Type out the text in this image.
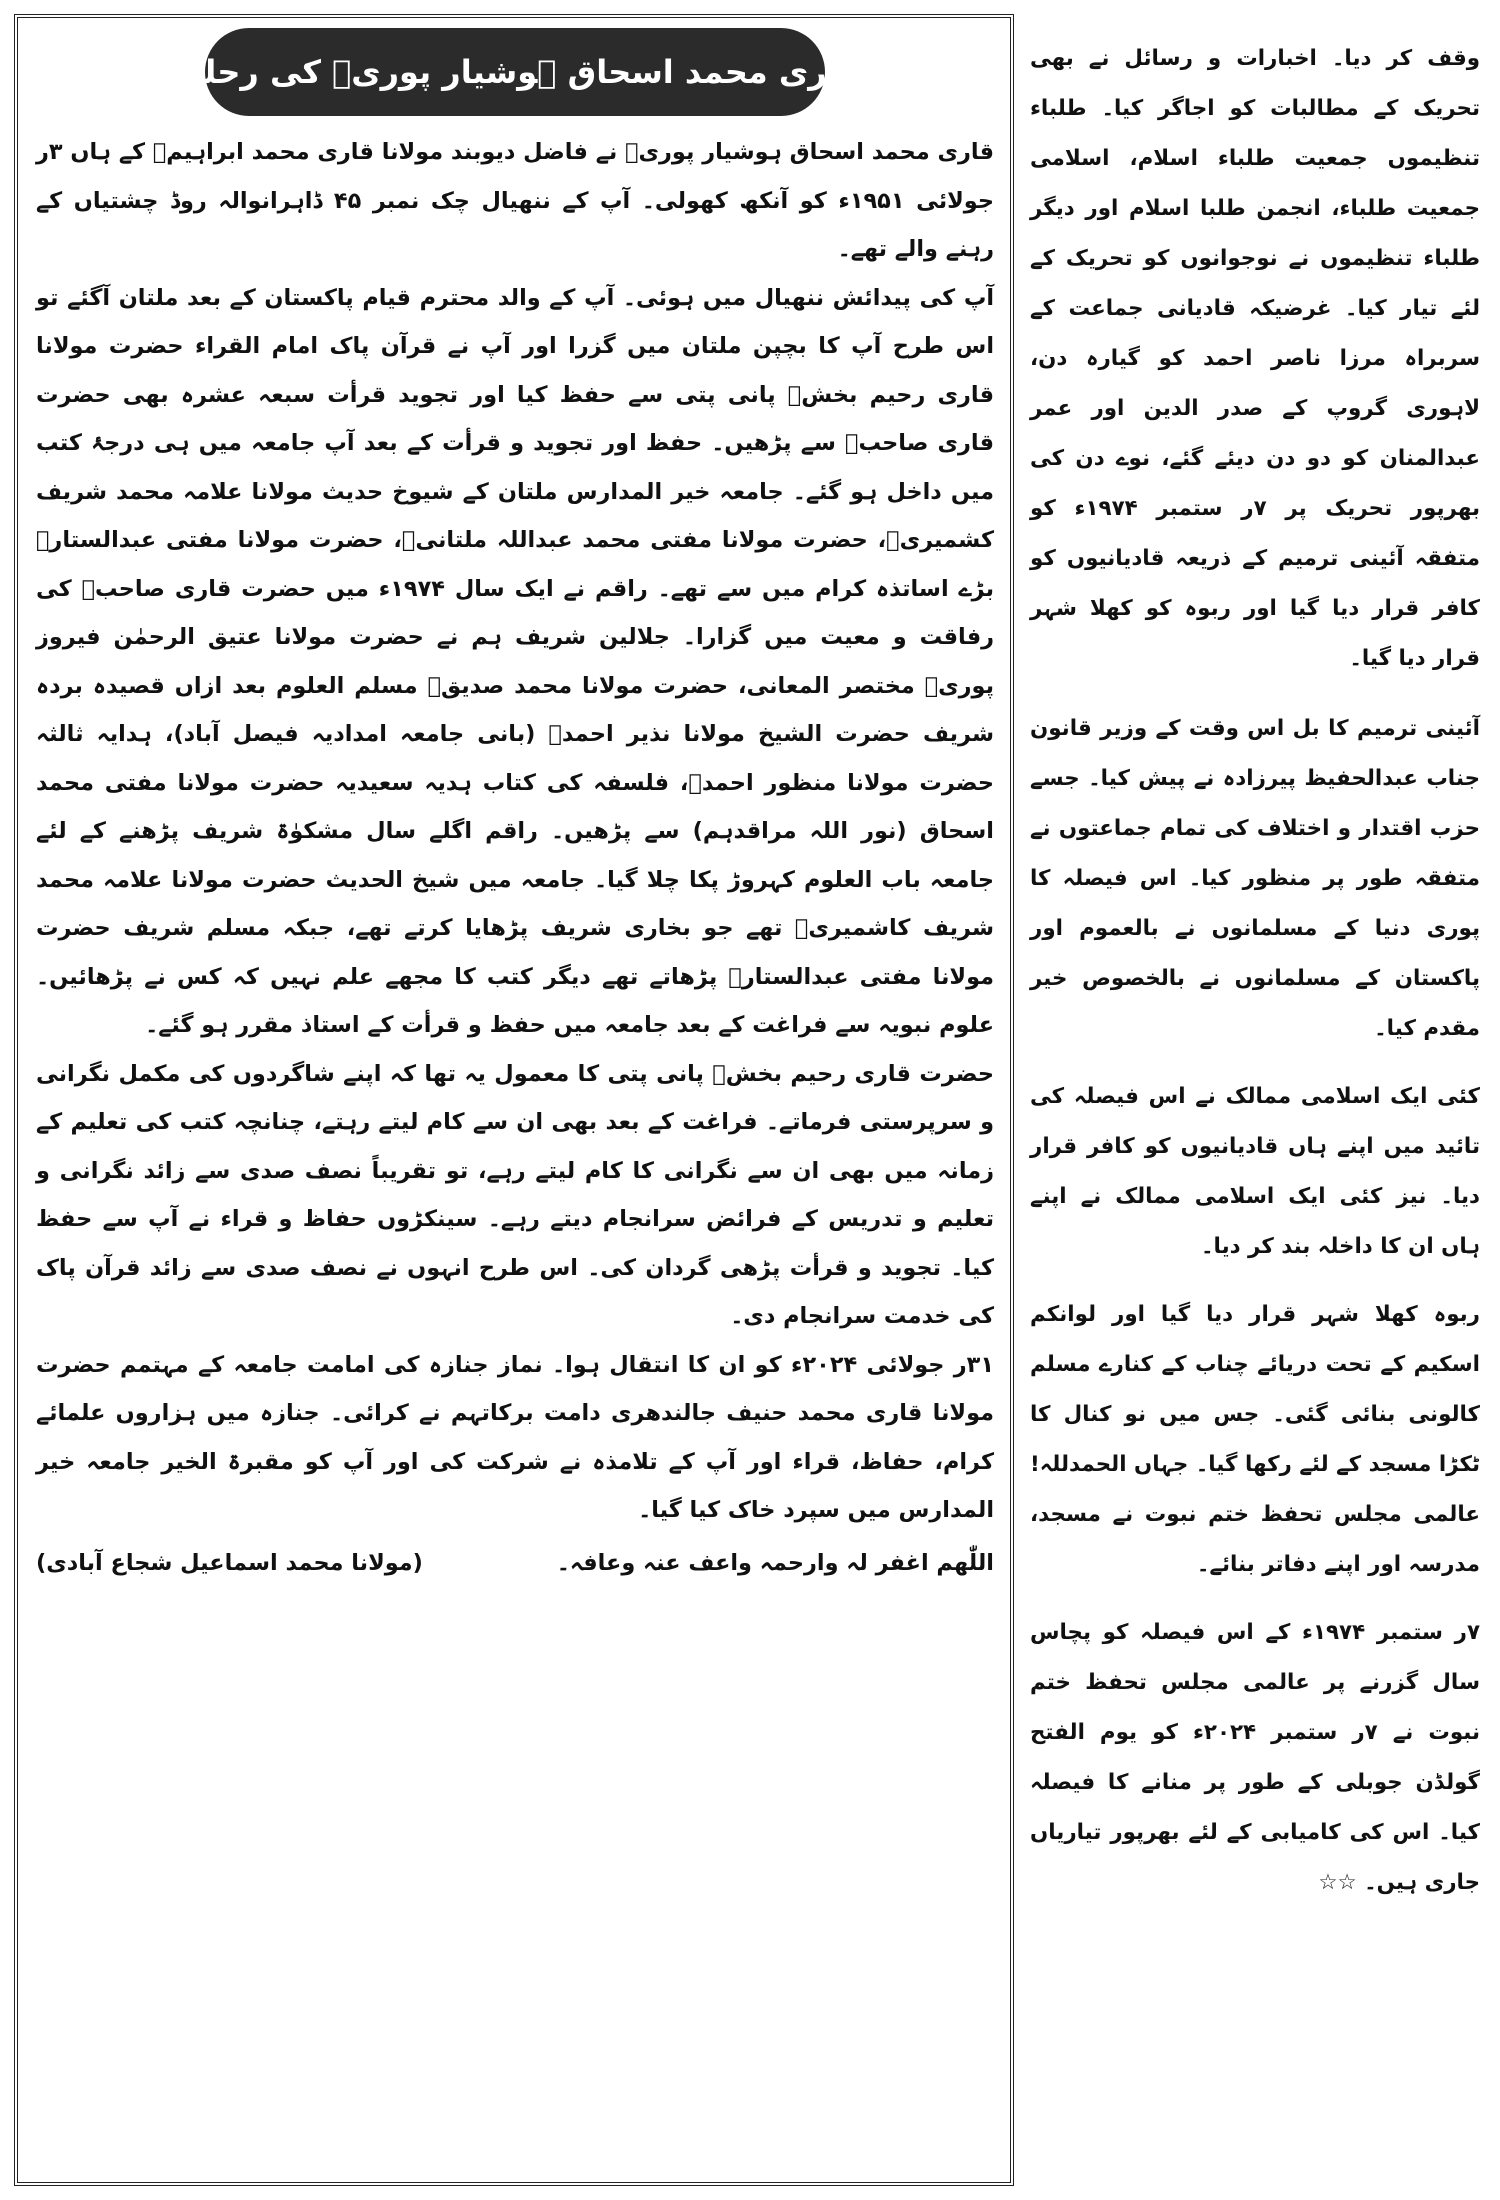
قاری محمد اسحاق ہوشیار پوریؒ کی رحلت

قاری محمد اسحاق ہوشیار پوریؒ نے فاضل دیوبند مولانا قاری محمد ابراہیمؒ کے ہاں ۳ر جولائی ۱۹۵۱ء کو آنکھ کھولی۔ آپ کے ننھیال چک نمبر ۴۵ ڈاہرانوالہ روڈ چشتیاں کے رہنے والے تھے۔

آپ کی پیدائش ننھیال میں ہوئی۔ آپ کے والد محترم قیام پاکستان کے بعد ملتان آگئے تو اس طرح آپ کا بچپن ملتان میں گزرا اور آپ نے قرآن پاک امام القراء حضرت مولانا قاری رحیم بخشؒ پانی پتی سے حفظ کیا اور تجوید قرأت سبعہ عشرہ بھی حضرت قاری صاحبؒ سے پڑھیں۔ حفظ اور تجوید و قرأت کے بعد آپ جامعہ میں ہی درجۂ کتب میں داخل ہو گئے۔ جامعہ خیر المدارس ملتان کے شیوخ حدیث مولانا علامہ محمد شریف کشمیریؒ، حضرت مولانا مفتی محمد عبداللہ ملتانیؒ، حضرت مولانا مفتی عبدالستارؒ بڑے اساتذہ کرام میں سے تھے۔ راقم نے ایک سال ۱۹۷۴ء میں حضرت قاری صاحبؒ کی رفاقت و معیت میں گزارا۔ جلالین شریف ہم نے حضرت مولانا عتیق الرحمٰن فیروز پوریؒ مختصر المعانی، حضرت مولانا محمد صدیقؒ مسلم العلوم بعد ازاں قصیدہ بردہ شریف حضرت الشیخ مولانا نذیر احمدؒ (بانی جامعہ امدادیہ فیصل آباد)، ہدایہ ثالثہ حضرت مولانا منظور احمدؒ، فلسفہ کی کتاب ہدیہ سعیدیہ حضرت مولانا مفتی محمد اسحاق (نور اللہ مراقدہم) سے پڑھیں۔ راقم اگلے سال مشکوٰۃ شریف پڑھنے کے لئے جامعہ باب العلوم کہروڑ پکا چلا گیا۔ جامعہ میں شیخ الحدیث حضرت مولانا علامہ محمد شریف کاشمیریؒ تھے جو بخاری شریف پڑھایا کرتے تھے، جبکہ مسلم شریف حضرت مولانا مفتی عبدالستارؒ پڑھاتے تھے دیگر کتب کا مجھے علم نہیں کہ کس نے پڑھائیں۔ علوم نبویہ سے فراغت کے بعد جامعہ میں حفظ و قرأت کے استاذ مقرر ہو گئے۔

حضرت قاری رحیم بخشؒ پانی پتی کا معمول یہ تھا کہ اپنے شاگردوں کی مکمل نگرانی و سرپرستی فرماتے۔ فراغت کے بعد بھی ان سے کام لیتے رہتے، چنانچہ کتب کی تعلیم کے زمانہ میں بھی ان سے نگرانی کا کام لیتے رہے، تو تقریباً نصف صدی سے زائد نگرانی و تعلیم و تدریس کے فرائض سرانجام دیتے رہے۔ سینکڑوں حفاظ و قراء نے آپ سے حفظ کیا۔ تجوید و قرأت پڑھی گردان کی۔ اس طرح انہوں نے نصف صدی سے زائد قرآن پاک کی خدمت سرانجام دی۔

۳۱ر جولائی ۲۰۲۴ء کو ان کا انتقال ہوا۔ نماز جنازہ کی امامت جامعہ کے مہتمم حضرت مولانا قاری محمد حنیف جالندھری دامت برکاتہم نے کرائی۔ جنازہ میں ہزاروں علمائے کرام، حفاظ، قراء اور آپ کے تلامذہ نے شرکت کی اور آپ کو مقبرۃ الخیر جامعہ خیر المدارس میں سپرد خاک کیا گیا۔

اللّٰھم اغفر لہ وارحمہ واعف عنہ وعافہ۔
(مولانا محمد اسماعیل شجاع آبادی)

وقف کر دیا۔ اخبارات و رسائل نے بھی تحریک کے مطالبات کو اجاگر کیا۔ طلباء تنظیموں جمعیت طلباء اسلام، اسلامی جمعیت طلباء، انجمن طلبا اسلام اور دیگر طلباء تنظیموں نے نوجوانوں کو تحریک کے لئے تیار کیا۔ غرضیکہ قادیانی جماعت کے سربراہ مرزا ناصر احمد کو گیارہ دن، لاہوری گروپ کے صدر الدین اور عمر عبدالمنان کو دو دن دیئے گئے، نوے دن کی بھرپور تحریک پر ۷ر ستمبر ۱۹۷۴ء کو متفقہ آئینی ترمیم کے ذریعہ قادیانیوں کو کافر قرار دیا گیا اور ربوہ کو کھلا شہر قرار دیا گیا۔

آئینی ترمیم کا بل اس وقت کے وزیر قانون جناب عبدالحفیظ پیرزادہ نے پیش کیا۔ جسے حزب اقتدار و اختلاف کی تمام جماعتوں نے متفقہ طور پر منظور کیا۔ اس فیصلہ کا پوری دنیا کے مسلمانوں نے بالعموم اور پاکستان کے مسلمانوں نے بالخصوص خیر مقدم کیا۔

کئی ایک اسلامی ممالک نے اس فیصلہ کی تائید میں اپنے ہاں قادیانیوں کو کافر قرار دیا۔ نیز کئی ایک اسلامی ممالک نے اپنے ہاں ان کا داخلہ بند کر دیا۔

ربوہ کھلا شہر قرار دیا گیا اور لوانکم اسکیم کے تحت دریائے چناب کے کنارے مسلم کالونی بنائی گئی۔ جس میں نو کنال کا ٹکڑا مسجد کے لئے رکھا گیا۔ جہاں الحمدللہ! عالمی مجلس تحفظ ختم نبوت نے مسجد، مدرسہ اور اپنے دفاتر بنائے۔

۷ر ستمبر ۱۹۷۴ء کے اس فیصلہ کو پچاس سال گزرنے پر عالمی مجلس تحفظ ختم نبوت نے ۷ر ستمبر ۲۰۲۴ء کو یوم الفتح گولڈن جوبلی کے طور پر منانے کا فیصلہ کیا۔ اس کی کامیابی کے لئے بھرپور تیاریاں جاری ہیں۔ ☆☆
